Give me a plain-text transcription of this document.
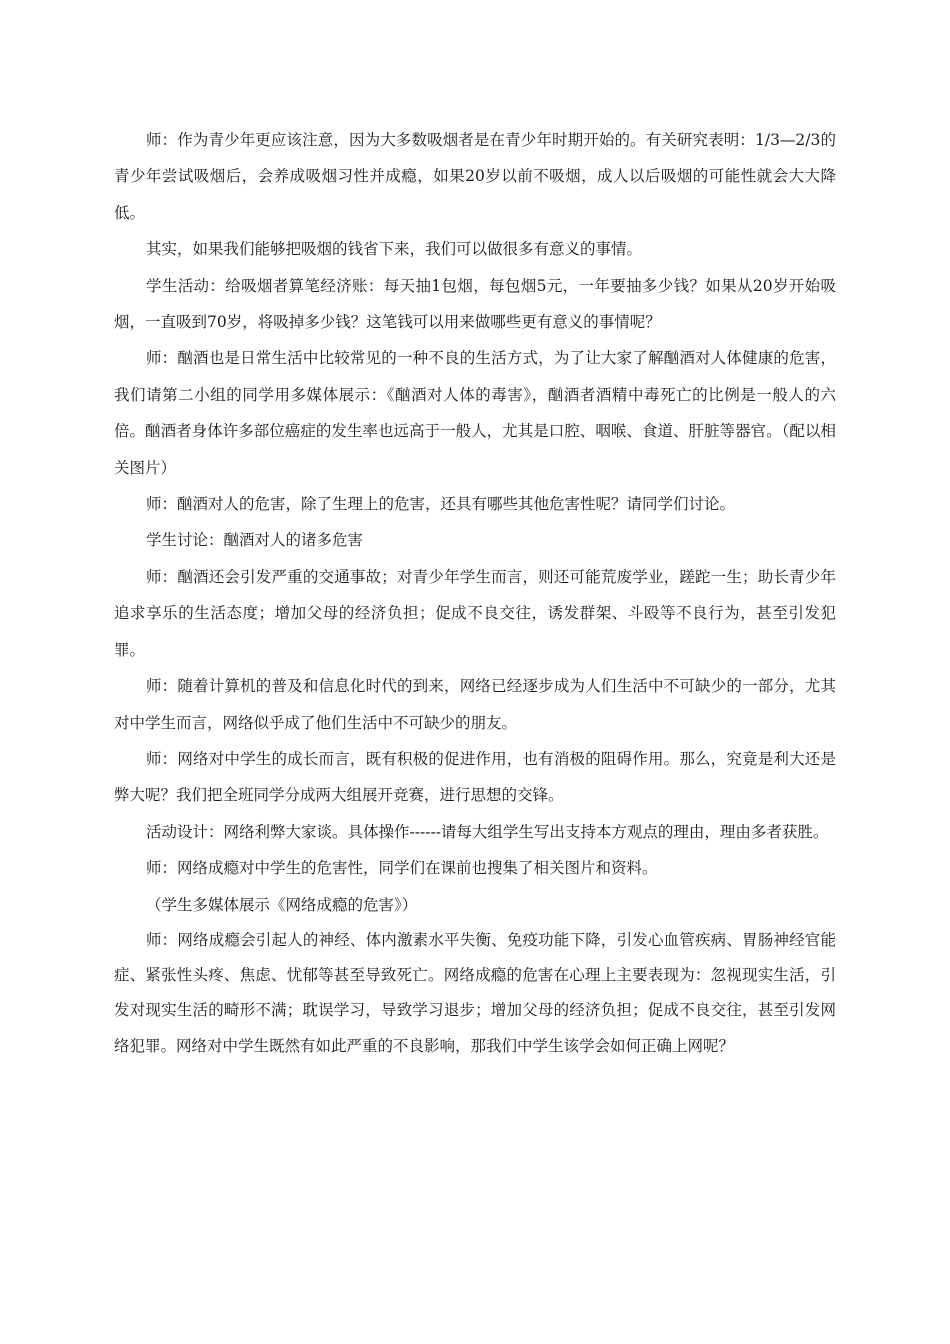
师：作为青少年更应该注意，因为大多数吸烟者是在青少年时期开始的。有关研究表明：1/3—2/3的青少年尝试吸烟后，会养成吸烟习性并成瘾，如果20岁以前不吸烟，成人以后吸烟的可能性就会大大降低。

其实，如果我们能够把吸烟的钱省下来，我们可以做很多有意义的事情。

学生活动：给吸烟者算笔经济账：每天抽1包烟，每包烟5元，一年要抽多少钱？如果从20岁开始吸烟，一直吸到70岁，将吸掉多少钱？这笔钱可以用来做哪些更有意义的事情呢？

师：酗酒也是日常生活中比较常见的一种不良的生活方式，为了让大家了解酗酒对人体健康的危害，我们请第二小组的同学用多媒体展示：《酗酒对人体的毒害》，酗酒者酒精中毒死亡的比例是一般人的六倍。酗酒者身体许多部位癌症的发生率也远高于一般人，尤其是口腔、咽喉、食道、肝脏等器官。（配以相关图片）

师：酗酒对人的危害，除了生理上的危害，还具有哪些其他危害性呢？请同学们讨论。

学生讨论：酗酒对人的诸多危害

师：酗酒还会引发严重的交通事故；对青少年学生而言，则还可能荒废学业，蹉跎一生；助长青少年追求享乐的生活态度；增加父母的经济负担；促成不良交往，诱发群架、斗殴等不良行为，甚至引发犯罪。

师：随着计算机的普及和信息化时代的到来，网络已经逐步成为人们生活中不可缺少的一部分，尤其对中学生而言，网络似乎成了他们生活中不可缺少的朋友。

师：网络对中学生的成长而言，既有积极的促进作用，也有消极的阻碍作用。那么，究竟是利大还是弊大呢？我们把全班同学分成两大组展开竞赛，进行思想的交锋。

活动设计：网络利弊大家谈。具体操作------请每大组学生写出支持本方观点的理由，理由多者获胜。

师：网络成瘾对中学生的危害性，同学们在课前也搜集了相关图片和资料。

（学生多媒体展示《网络成瘾的危害》）

师：网络成瘾会引起人的神经、体内激素水平失衡、免疫功能下降，引发心血管疾病、胃肠神经官能症、紧张性头疼、焦虑、忧郁等甚至导致死亡。网络成瘾的危害在心理上主要表现为：忽视现实生活，引发对现实生活的畸形不满；耽误学习，导致学习退步；增加父母的经济负担；促成不良交往，甚至引发网络犯罪。网络对中学生既然有如此严重的不良影响，那我们中学生该学会如何正确上网呢？
